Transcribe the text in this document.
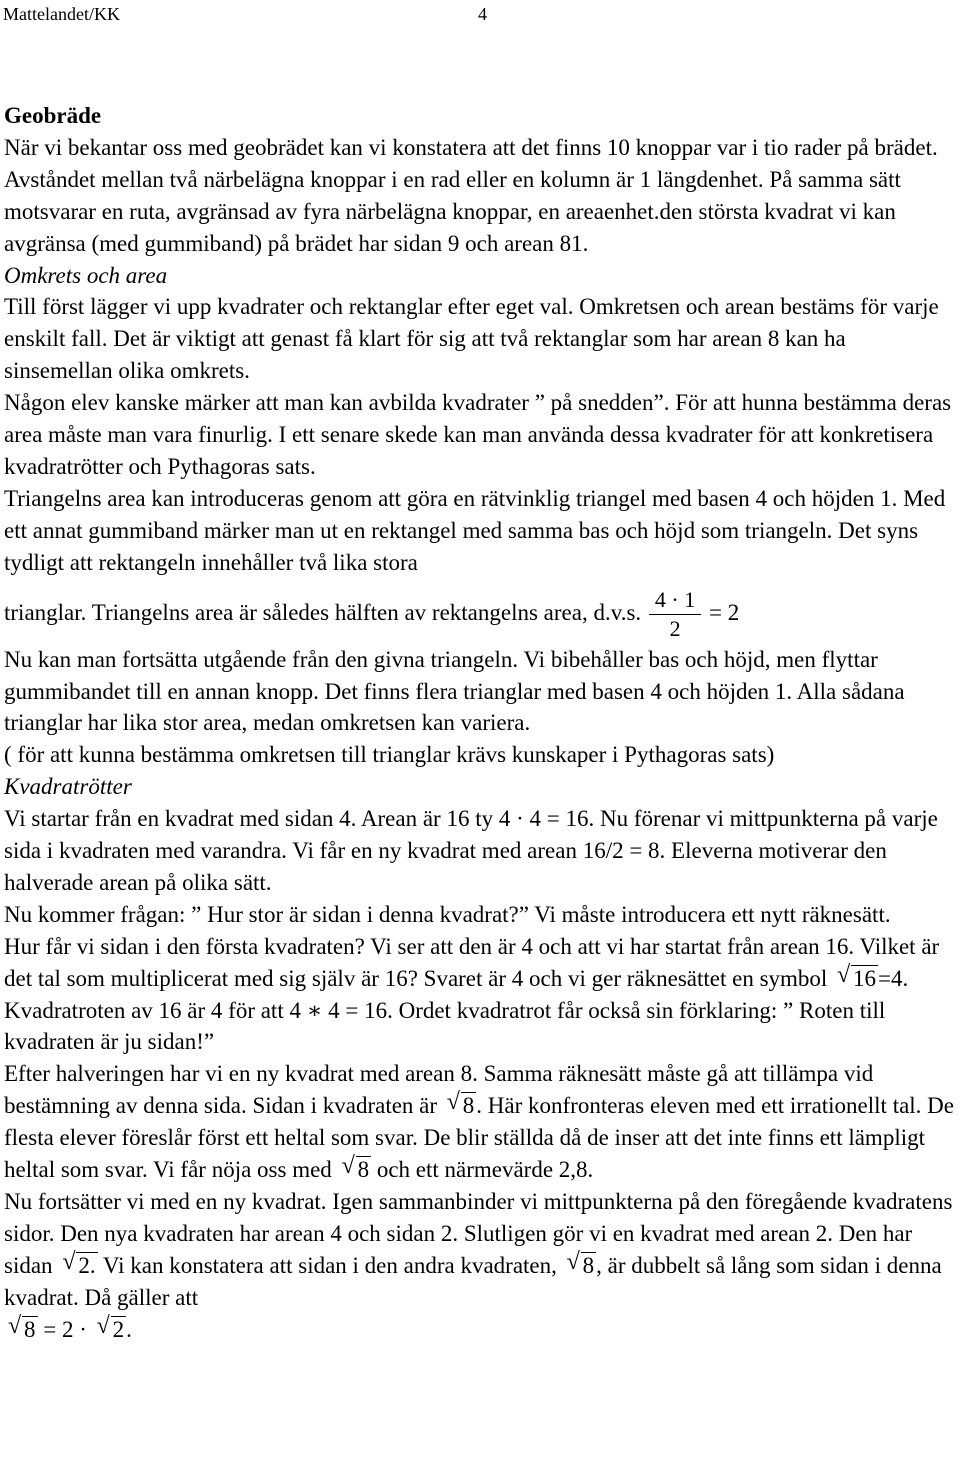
Mattelandet/KK	4

Geobräde

När vi bekantar oss med geobrädet kan vi konstatera att det finns 10 knoppar var i tio rader på brädet. Avståndet mellan två närbelägna knoppar i en rad eller en kolumn är 1 längdenhet. På samma sätt motsvarar en ruta, avgränsad av fyra närbelägna knoppar, en areaenhet.den största kvadrat vi kan avgränsa (med gummiband) på brädet har sidan 9 och arean 81.

Omkrets och area

Till först lägger vi upp kvadrater och rektanglar efter eget val. Omkretsen och arean bestäms för varje enskilt fall. Det är viktigt att genast få klart för sig att två rektanglar som har arean 8 kan ha sinsemellan olika omkrets.

Någon elev kanske märker att man kan avbilda kvadrater ” på snedden”. För att hunna bestämma deras area måste man vara finurlig. I ett senare skede kan man använda dessa kvadrater för att konkretisera kvadratrötter och Pythagoras sats.

Triangelns area kan introduceras genom att göra en rätvinklig triangel med basen 4 och höjden 1. Med ett annat gummiband märker man ut en rektangel med samma bas och höjd som triangeln. Det syns tydligt att rektangeln innehåller två lika stora

trianglar. Triangelns area är således hälften av rektangelns area, d.v.s. $\frac{4 \cdot 1}{2} = 2$

Nu kan man fortsätta utgående från den givna triangeln. Vi bibehåller bas och höjd, men flyttar gummibandet till en annan knopp. Det finns flera trianglar med basen 4 och höjden 1. Alla sådana trianglar har lika stor area, medan omkretsen kan variera.

( för att kunna bestämma omkretsen till trianglar krävs kunskaper i Pythagoras sats)

Kvadratrötter

Vi startar från en kvadrat med sidan 4. Arean är 16 ty 4 · 4 = 16. Nu förenar vi mittpunkterna på varje sida i kvadraten med varandra. Vi får en ny kvadrat med arean 16/2 = 8. Eleverna motiverar den halverade arean på olika sätt.

Nu kommer frågan: ” Hur stor är sidan i denna kvadrat?” Vi måste introducera ett nytt räknesätt.

Hur får vi sidan i den första kvadraten? Vi ser att den är 4 och att vi har startat från arean 16. Vilket är det tal som multiplicerat med sig själv är 16? Svaret är 4 och vi ger räknesättet en symbol √ 16=4. Kvadratroten av 16 är 4 för att 4 ∗ 4 = 16. Ordet kvadratrot får också sin förklaring: ” Roten till kvadraten är ju sidan!”

Efter halveringen har vi en ny kvadrat med arean 8. Samma räknesätt måste gå att tillämpa vid bestämning av denna sida. Sidan i kvadraten är √ 8. Här konfronteras eleven med ett irrationellt tal. De flesta elever föreslår först ett heltal som svar. De blir ställda då de inser att det inte finns ett lämpligt heltal som svar. Vi får nöja oss med √ 8 och ett närmevärde 2,8.

Nu fortsätter vi med en ny kvadrat. Igen sammanbinder vi mittpunkterna på den föregående kvadratens sidor. Den nya kvadraten har arean 4 och sidan 2. Slutligen gör vi en kvadrat med arean 2. Den har sidan √ 2. Vi kan konstatera att sidan i den andra kvadraten, √ 8, är dubbelt så lång som sidan i denna kvadrat. Då gäller att

√ 8 = 2 · √ 2.
